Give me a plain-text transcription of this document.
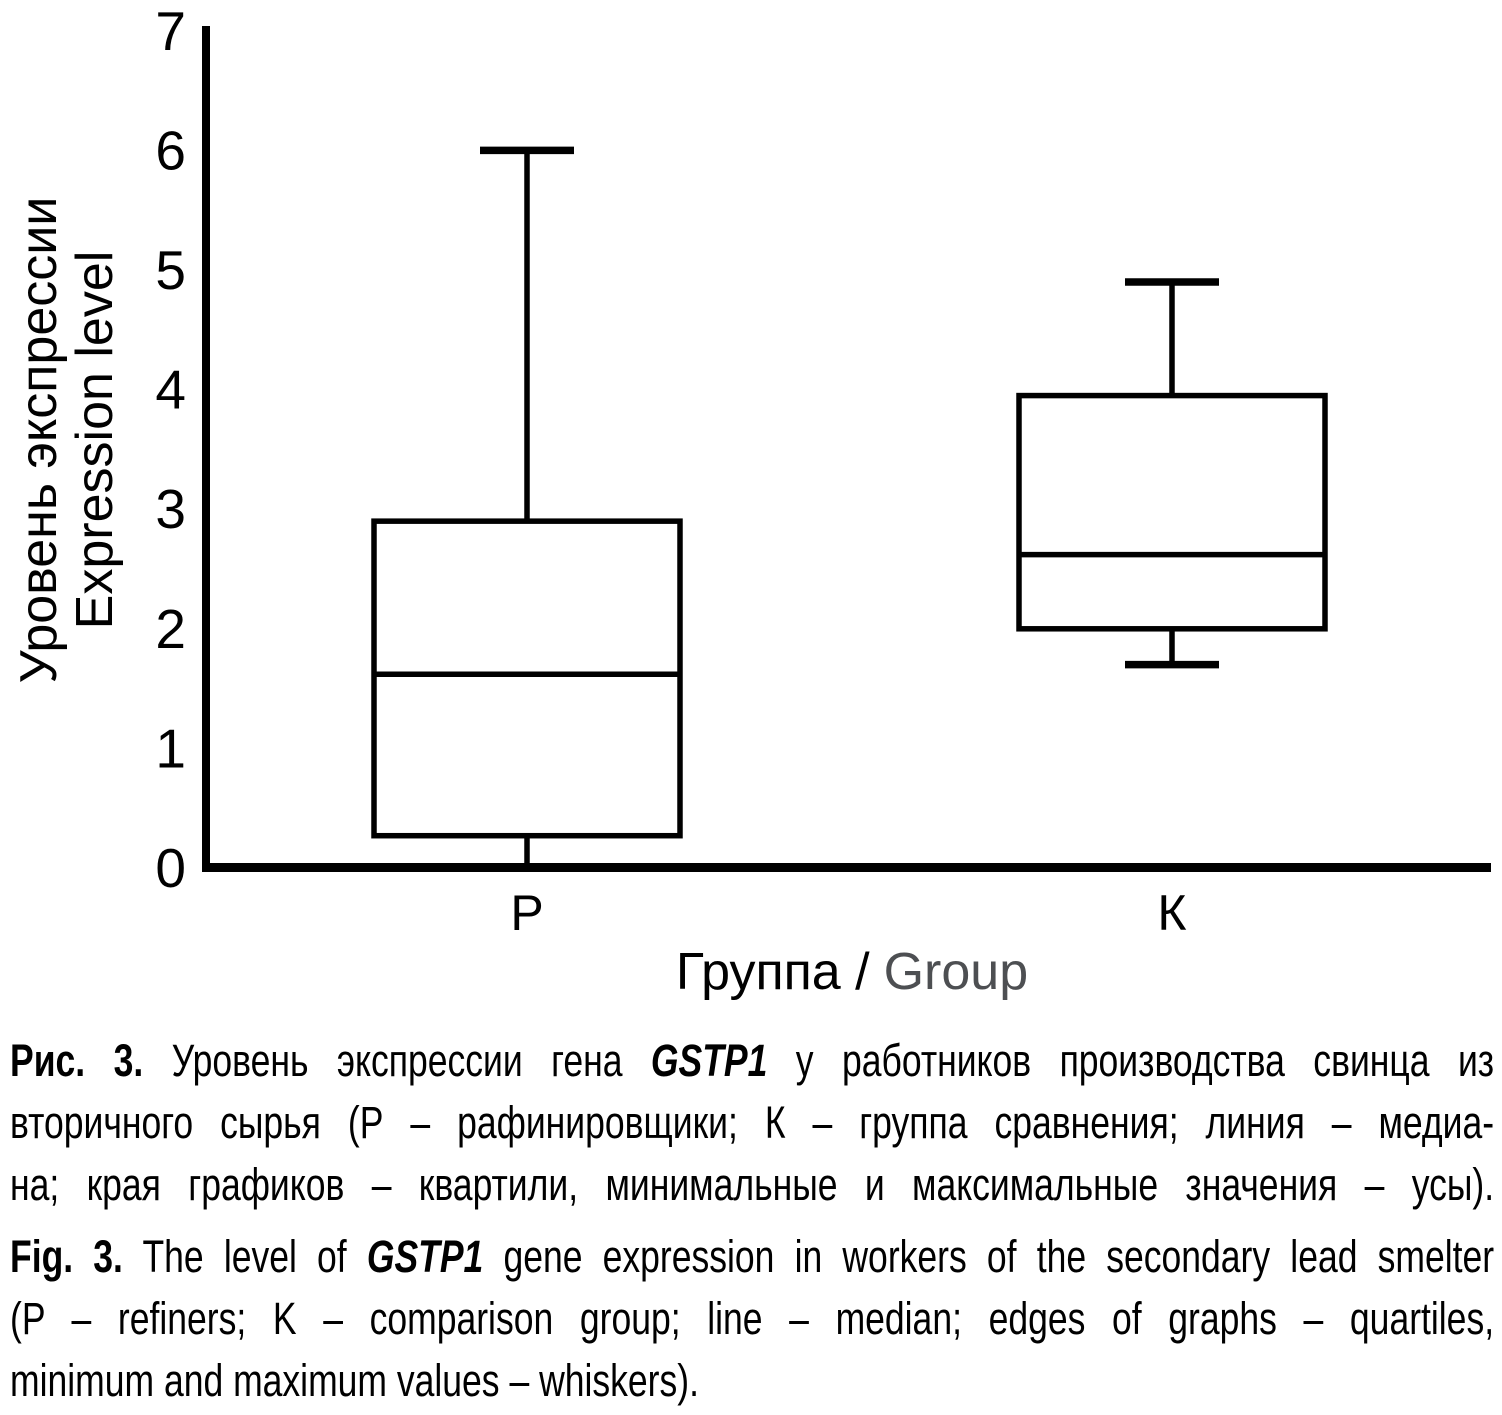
Уровень экспрессии
Expression level
0
1
2
3
4
5
6
7
Р	К
Группа / Group
Рис. 3. Уровень экспрессии гена GSTP1 у работников производства свинца из
вторичного сырья (Р – рафинировщики; К – группа сравнения; линия – медиа-
на; края графиков – квартили, минимальные и максимальные значения – усы).
Fig. 3. The level of GSTP1 gene expression in workers of the secondary lead smelter
(P – refiners; K – comparison group; line – median; edges of graphs – quartiles,
minimum and maximum values – whiskers).
